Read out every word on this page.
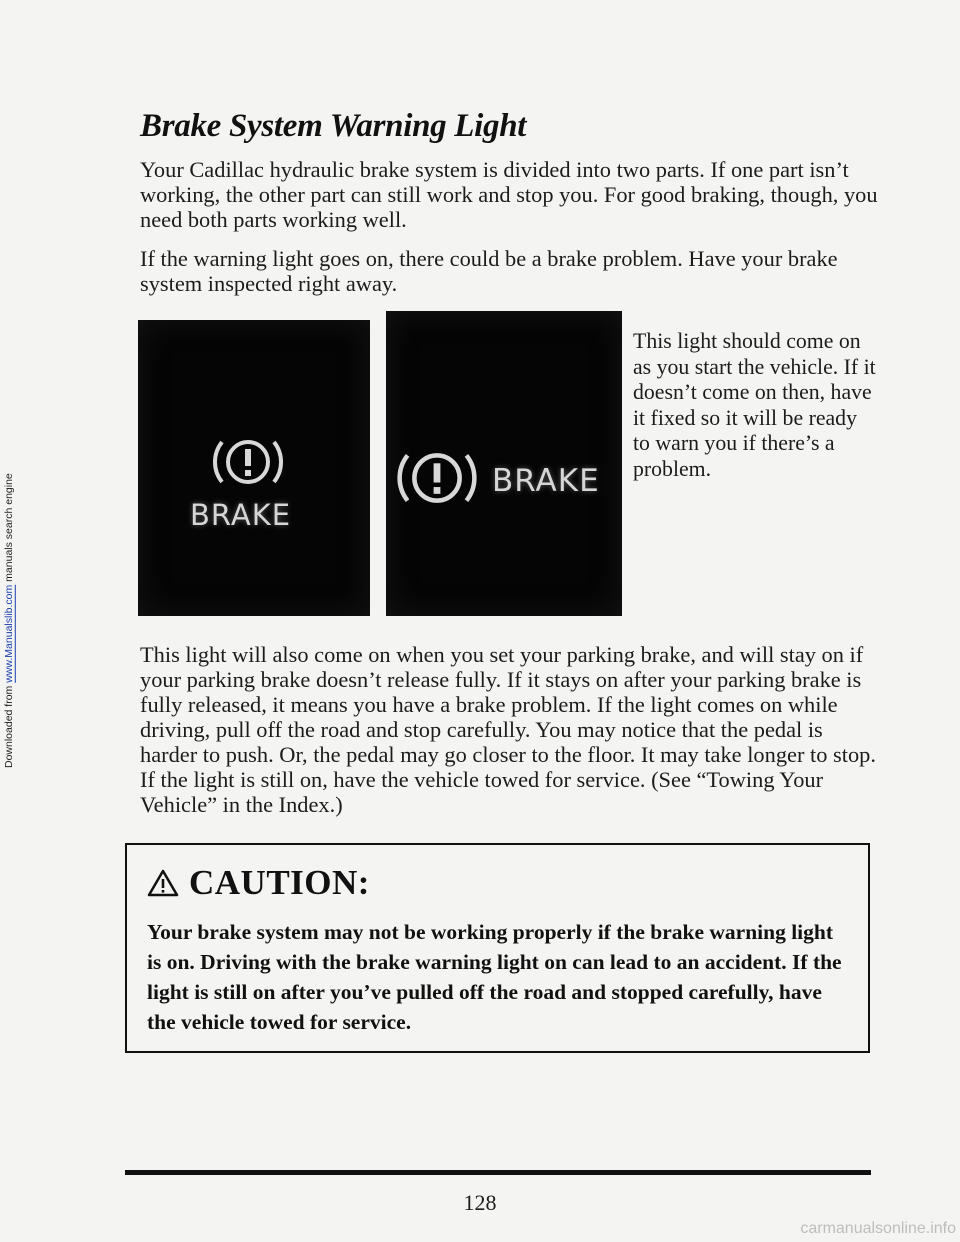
Downloaded from www.Manualslib.com manuals search engine
Brake System Warning Light

Your Cadillac hydraulic brake system is divided into two parts. If one part isn’t working, the other part can still work and stop you. For good braking, though, you need both parts working well.

If the warning light goes on, there could be a brake problem. Have your brake system inspected right away.

BRAKE
BRAKE

This light should come on as you start the vehicle. If it doesn’t come on then, have it fixed so it will be ready to warn you if there’s a problem.

This light will also come on when you set your parking brake, and will stay on if your parking brake doesn’t release fully. If it stays on after your parking brake is fully released, it means you have a brake problem. If the light comes on while driving, pull off the road and stop carefully. You may notice that the pedal is harder to push. Or, the pedal may go closer to the floor. It may take longer to stop. If the light is still on, have the vehicle towed for service. (See “Towing Your Vehicle” in the Index.)

CAUTION:

Your brake system may not be working properly if the brake warning light is on. Driving with the brake warning light on can lead to an accident. If the light is still on after you’ve pulled off the road and stopped carefully, have the vehicle towed for service.

128
carmanualsonline.info
